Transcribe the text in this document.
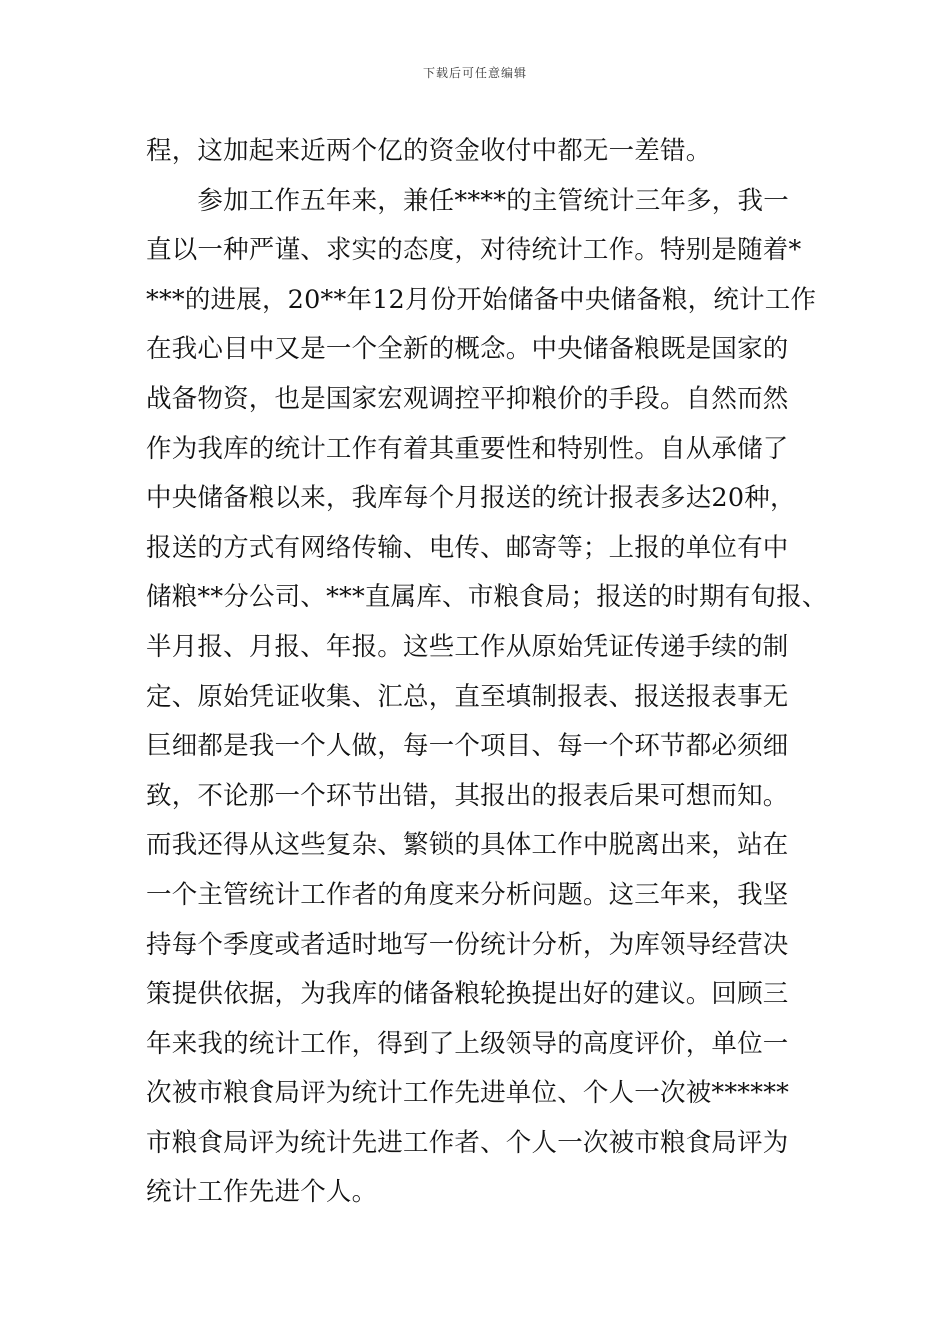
下载后可任意编辑
程，这加起来近两个亿的资金收付中都无一差错。
　　参加工作五年来，兼任****的主管统计三年多，我一
直以一种严谨、求实的态度，对待统计工作。特别是随着*
***的进展，20**年12月份开始储备中央储备粮，统计工作
在我心目中又是一个全新的概念。中央储备粮既是国家的
战备物资，也是国家宏观调控平抑粮价的手段。自然而然
作为我库的统计工作有着其重要性和特别性。自从承储了
中央储备粮以来，我库每个月报送的统计报表多达20种，
报送的方式有网络传输、电传、邮寄等；上报的单位有中
储粮**分公司、***直属库、市粮食局；报送的时期有旬报、
半月报、月报、年报。这些工作从原始凭证传递手续的制
定、原始凭证收集、汇总，直至填制报表、报送报表事无
巨细都是我一个人做，每一个项目、每一个环节都必须细
致，不论那一个环节出错，其报出的报表后果可想而知。
而我还得从这些复杂、繁锁的具体工作中脱离出来，站在
一个主管统计工作者的角度来分析问题。这三年来，我坚
持每个季度或者适时地写一份统计分析，为库领导经营决
策提供依据，为我库的储备粮轮换提出好的建议。回顾三
年来我的统计工作，得到了上级领导的高度评价，单位一
次被市粮食局评为统计工作先进单位、个人一次被******
市粮食局评为统计先进工作者、个人一次被市粮食局评为
统计工作先进个人。
